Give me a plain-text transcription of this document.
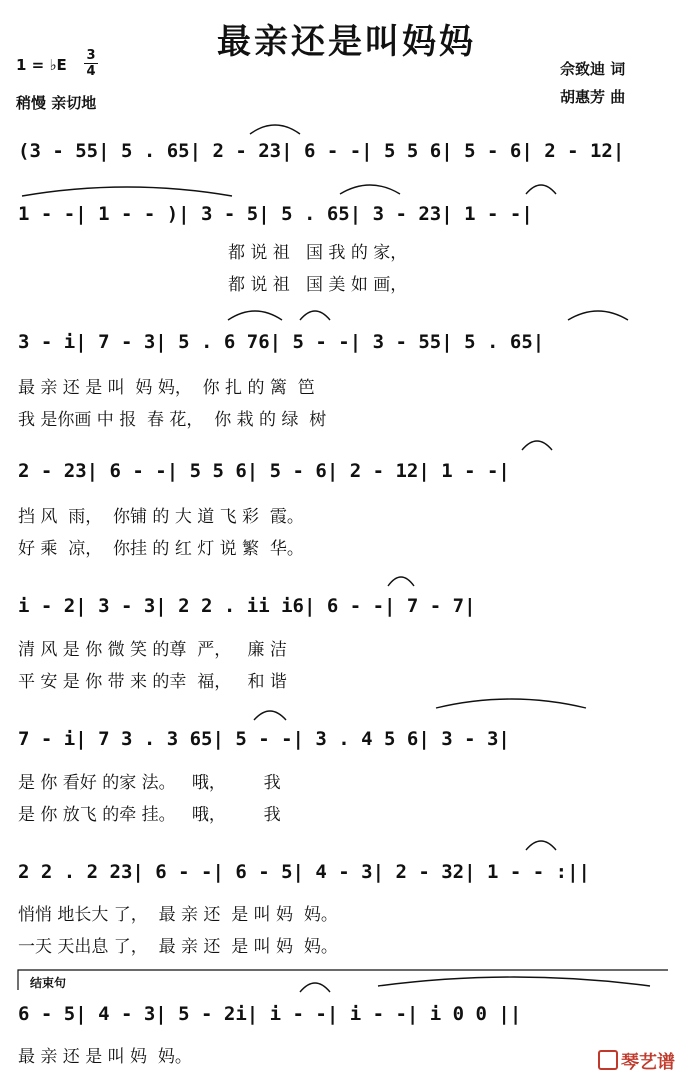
最亲还是叫妈妈
1 = ♭E
3
4
稍慢 亲切地
佘致迪 词
胡惠芳 曲
(3 - 55| 5 . 65| 2 - 23| 6 - -| 5 5 6| 5 - 6| 2 - 12|
1 - -| 1 - - )| 3 - 5| 5 . 65| 3 - 23| 1 - -|
都 说 祖   国 我 的 家，
都 说 祖   国 美 如 画，
3 - i| 7 - 3| 5 . 6 76| 5 - -| 3 - 55| 5 . 65|
最 亲 还 是 叫  妈 妈，  你 扎 的 篱  笆
我 是你画 中 报  春 花，  你 栽 的 绿  树
2 - 23| 6 - -| 5 5 6| 5 - 6| 2 - 12| 1 - -|
挡 风  雨，  你铺 的 大 道 飞 彩  霞。
好 乘  凉，  你挂 的 红 灯 说 繁  华。
i - 2| 3 - 3| 2 2 . ii i6| 6 - -| 7 - 7|
清 风 是 你 微 笑 的尊  严，   廉 洁
平 安 是 你 带 来 的幸  福，   和 谐
7 - i| 7 3 . 3 65| 5 - -| 3 . 4 5 6| 3 - 3|
是 你 看好 的家 法。   哦，       我
是 你 放飞 的牵 挂。   哦，       我
2 2 . 2 23| 6 - -| 6 - 5| 4 - 3| 2 - 32| 1 - - :||
悄悄 地长大 了，  最 亲 还  是 叫 妈  妈。
一天 天出息 了，  最 亲 还  是 叫 妈  妈。
6 - 5| 4 - 3| 5 - 2i| i - -| i - -| i 0 0 ||
最 亲 还 是 叫 妈  妈。
结束句
琴艺谱
